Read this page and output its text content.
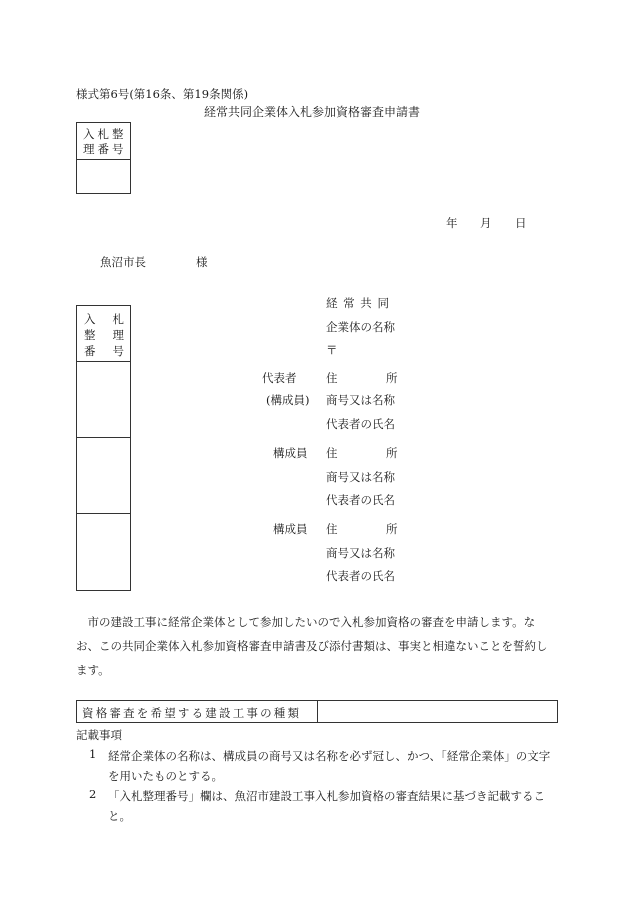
様式第6号(第16条、第19条関係)
経常共同企業体入札参加資格審査申請書
入札整
理番号
年 月 日
魚沼市長	様
入 札
整 理
番 号
経 常 共 同
企業体の名称
〒
代表者	住	所
(構成員) 商号又は名称
代表者の氏名
構成員 住	所
商号又は名称
代表者の氏名
構成員 住	所
商号又は名称
代表者の氏名
市の建設工事に経常企業体として参加したいので入札参加資格の審査を申請します。なお、この共同企業体入札参加資格審査申請書及び添付書類は、事実と相違ないことを誓約します。
資格審査を希望する建設工事の種類
記載事項
1 経常企業体の名称は、構成員の商号又は名称を必ず冠し、かつ、「経常企業体」の文字を用いたものとする。
2 「入札整理番号」欄は、魚沼市建設工事入札参加資格の審査結果に基づき記載すること。
